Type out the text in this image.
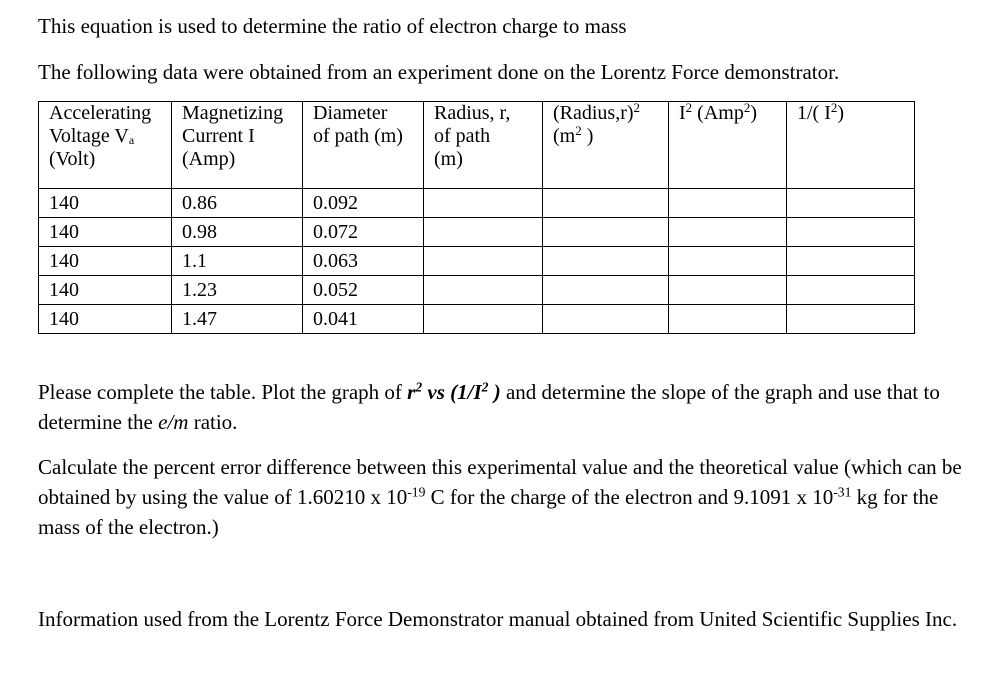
This equation is used to determine the ratio of electron charge to mass

The following data were obtained from an experiment done on the Lorentz Force demonstrator.

Accelerating
Voltage $V_a$
(Volt)	Magnetizing
Current I
(Amp)	Diameter
of path (m)	Radius, r,
of path
(m)	(Radius,r)$^2$
($m^2$ )	$I^2$ (Amp$^2$)	1/( $I^2$)
140	0.86	0.092				
140	0.98	0.072				
140	1.1	0.063				
140	1.23	0.052				
140	1.47	0.041				

Please complete the table. Plot the graph of $r^2$ vs ($1/I^2$ ) and determine the slope of the graph and use that to determine the e/m ratio.

Calculate the percent error difference between this experimental value and the theoretical value (which can be obtained by using the value of 1.60210 x $10^{-19}$ C for the charge of the electron and 9.1091 x $10^{-31}$ kg for the mass of the electron.)

Information used from the Lorentz Force Demonstrator manual obtained from United Scientific Supplies Inc.
